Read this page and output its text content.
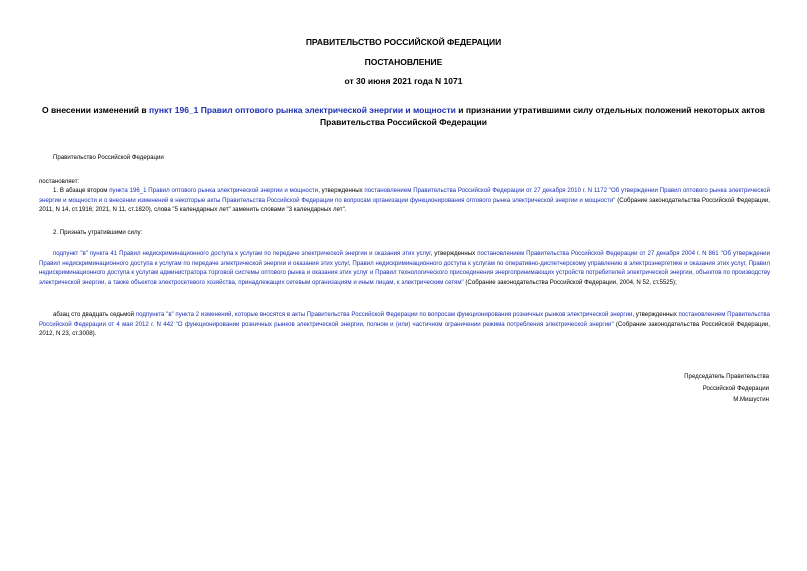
ПРАВИТЕЛЬСТВО РОССИЙСКОЙ ФЕДЕРАЦИИ
ПОСТАНОВЛЕНИЕ
от 30 июня 2021 года N 1071
О внесении изменений в пункт 196_1 Правил оптового рынка электрической энергии и мощности и признании утратившими силу отдельных положений некоторых актов Правительства Российской Федерации
Правительство Российской Федерации
постановляет:
1. В абзаце втором пункта 196_1 Правил оптового рынка электрической энергии и мощности, утвержденных постановлением Правительства Российской Федерации от 27 декабря 2010 г. N 1172 "Об утверждении Правил оптового рынка электрической энергии и мощности и о внесении изменений в некоторые акты Правительства Российской Федерации по вопросам организации функционирования оптового рынка электрической энергии и мощности" (Собрание законодательства Российской Федерации, 2011, N 14, ст.1916; 2021, N 11, ст.1820), слова "5 календарных лет" заменить словами "3 календарных лет".
2. Признать утратившими силу:
подпункт "в" пункта 41 Правил недискриминационного доступа к услугам по передаче электрической энергии и оказания этих услуг, утвержденных постановлением Правительства Российской Федерации от 27 декабря 2004 г. N 861 "Об утверждении Правил недискриминационного доступа к услугам по передаче электрической энергии и оказания этих услуг, Правил недискриминационного доступа к услугам по оперативно-диспетчерскому управлению в электроэнергетике и оказания этих услуг, Правил недискриминационного доступа к услугам администратора торговой системы оптового рынка и оказания этих услуг и Правил технологического присоединения энергопринимающих устройств потребителей электрической энергии, объектов по производству электрической энергии, а также объектов электросетевого хозяйства, принадлежащих сетевым организациям и иным лицам, к электрическим сетям" (Собрание законодательства Российской Федерации, 2004, N 52, ст.5525);
абзац сто двадцать седьмой подпункта "в" пункта 2 изменений, которые вносятся в акты Правительства Российской Федерации по вопросам функционирования розничных рынков электрической энергии, утвержденных постановлением Правительства Российской Федерации от 4 мая 2012 г. N 442 "О функционировании розничных рынков электрической энергии, полном и (или) частичном ограничении режима потребления электрической энергии" (Собрание законодательства Российской Федерации, 2012, N 23, ст.3008).
Председатель Правительства
Российской Федерации
М.Мишустин
